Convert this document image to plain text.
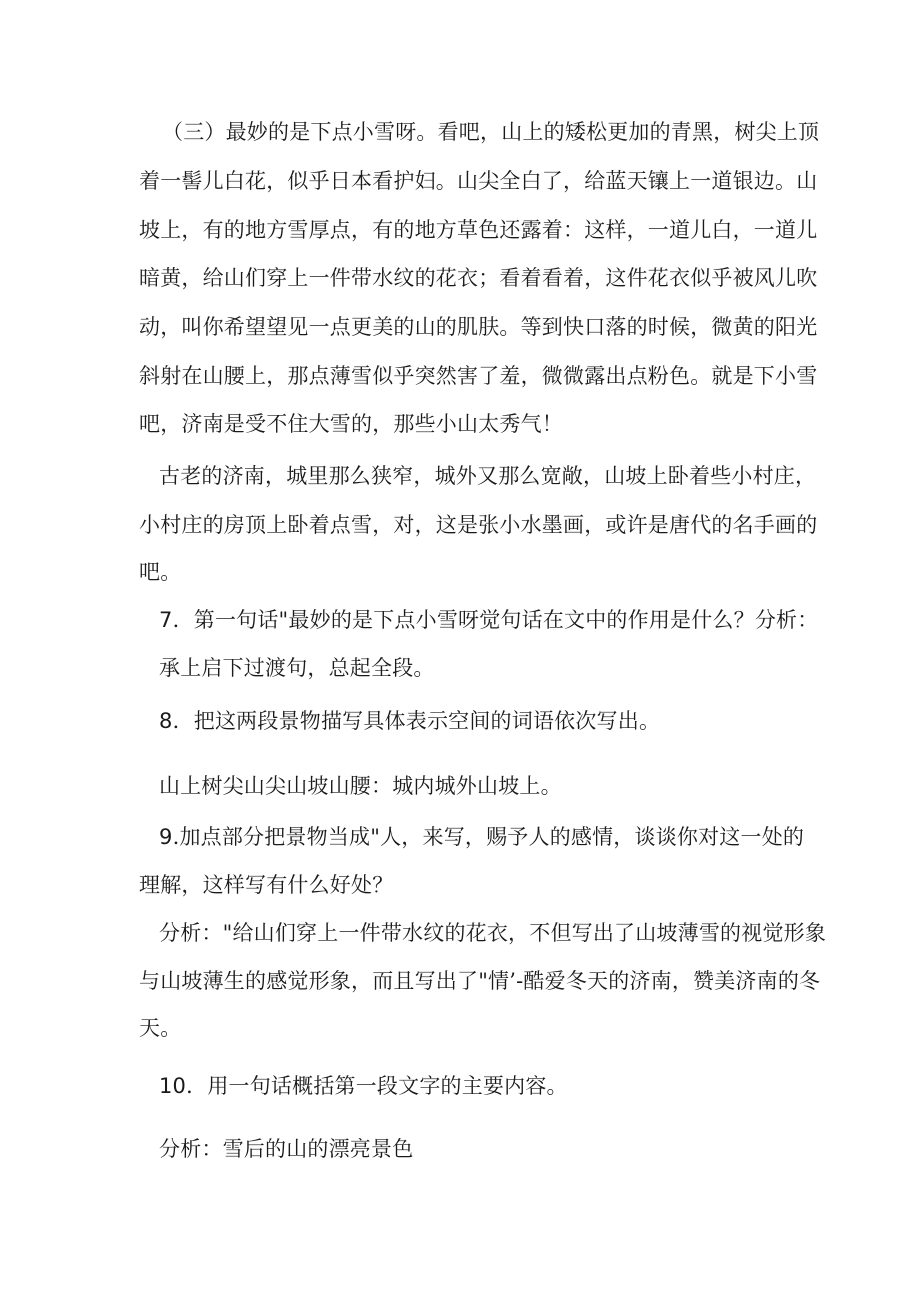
（三）最妙的是下点小雪呀。看吧，山上的矮松更加的青黑，树尖上顶
着一髻儿白花，似乎日本看护妇。山尖全白了，给蓝天镶上一道银边。山
坡上，有的地方雪厚点，有的地方草色还露着：这样，一道儿白，一道儿
暗黄，给山们穿上一件带水纹的花衣；看着看着，这件花衣似乎被风儿吹
动，叫你希望望见一点更美的山的肌肤。等到快口落的时候，微黄的阳光
斜射在山腰上，那点薄雪似乎突然害了羞，微微露出点粉色。就是下小雪
吧，济南是受不住大雪的，那些小山太秀气！
古老的济南，城里那么狭窄，城外又那么宽敞，山坡上卧着些小村庄，
小村庄的房顶上卧着点雪，对，这是张小水墨画，或许是唐代的名手画的
吧。
7．第一句话"最妙的是下点小雪呀觉句话在文中的作用是什么？分析：
承上启下过渡句，总起全段。
8．把这两段景物描写具体表示空间的词语依次写出。
山上树尖山尖山坡山腰：城内城外山坡上。
9.加点部分把景物当成"人，来写，赐予人的感情，谈谈你对这一处的
理解，这样写有什么好处？
分析："给山们穿上一件带水纹的花衣，不但写出了山坡薄雪的视觉形象
与山坡薄生的感觉形象，而且写出了"情’-酷爱冬天的济南，赞美济南的冬
天。
10．用一句话概括第一段文字的主要内容。
分析：雪后的山的漂亮景色
